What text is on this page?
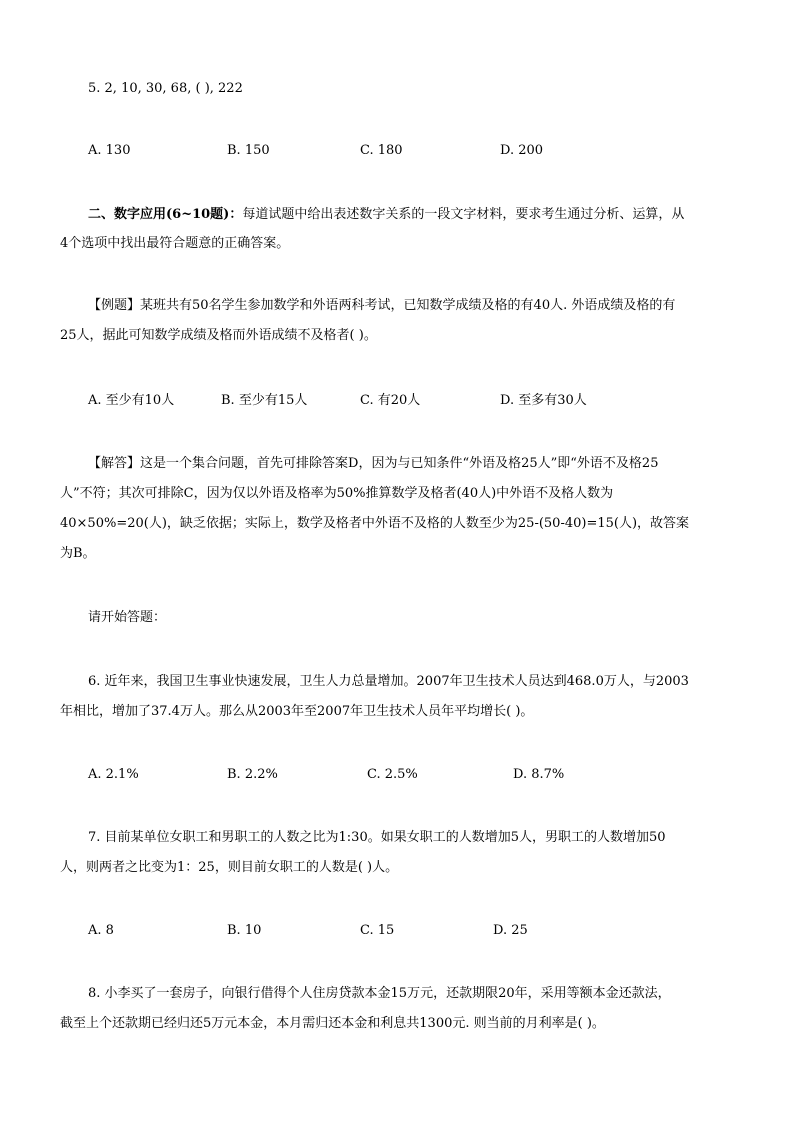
5. 2, 10, 30, 68, ( ), 222
A. 130	B. 150	C. 180	D. 200
二、数字应用(6~10题)：每道试题中给出表述数字关系的一段文字材料，要求考生通过分析、运算，从
4个选项中找出最符合题意的正确答案。
【例题】某班共有50名学生参加数学和外语两科考试，已知数学成绩及格的有40人. 外语成绩及格的有
25人，据此可知数学成绩及格而外语成绩不及格者( )。
A. 至少有10人	B. 至少有15人	C. 有20人	D. 至多有30人
【解答】这是一个集合问题，首先可排除答案D，因为与已知条件“外语及格25人”即“外语不及格25
人”不符；其次可排除C，因为仅以外语及格率为50%推算数学及格者(40人)中外语不及格人数为
40×50%=20(人)，缺乏依据；实际上，数学及格者中外语不及格的人数至少为25-(50-40)=15(人)，故答案
为B。
请开始答题：
6. 近年来，我国卫生事业快速发展，卫生人力总量增加。2007年卫生技术人员达到468.0万人，与2003
年相比，增加了37.4万人。那么从2003年至2007年卫生技术人员年平均增长( )。
A. 2.1%	B. 2.2%	C. 2.5%	D. 8.7%
7. 目前某单位女职工和男职工的人数之比为1:30。如果女职工的人数增加5人，男职工的人数增加50
人，则两者之比变为1：25，则目前女职工的人数是( )人。
A. 8	B. 10	C. 15	D. 25
8. 小李买了一套房子，向银行借得个人住房贷款本金15万元，还款期限20年，采用等额本金还款法，
截至上个还款期已经归还5万元本金，本月需归还本金和利息共1300元. 则当前的月利率是( )。
